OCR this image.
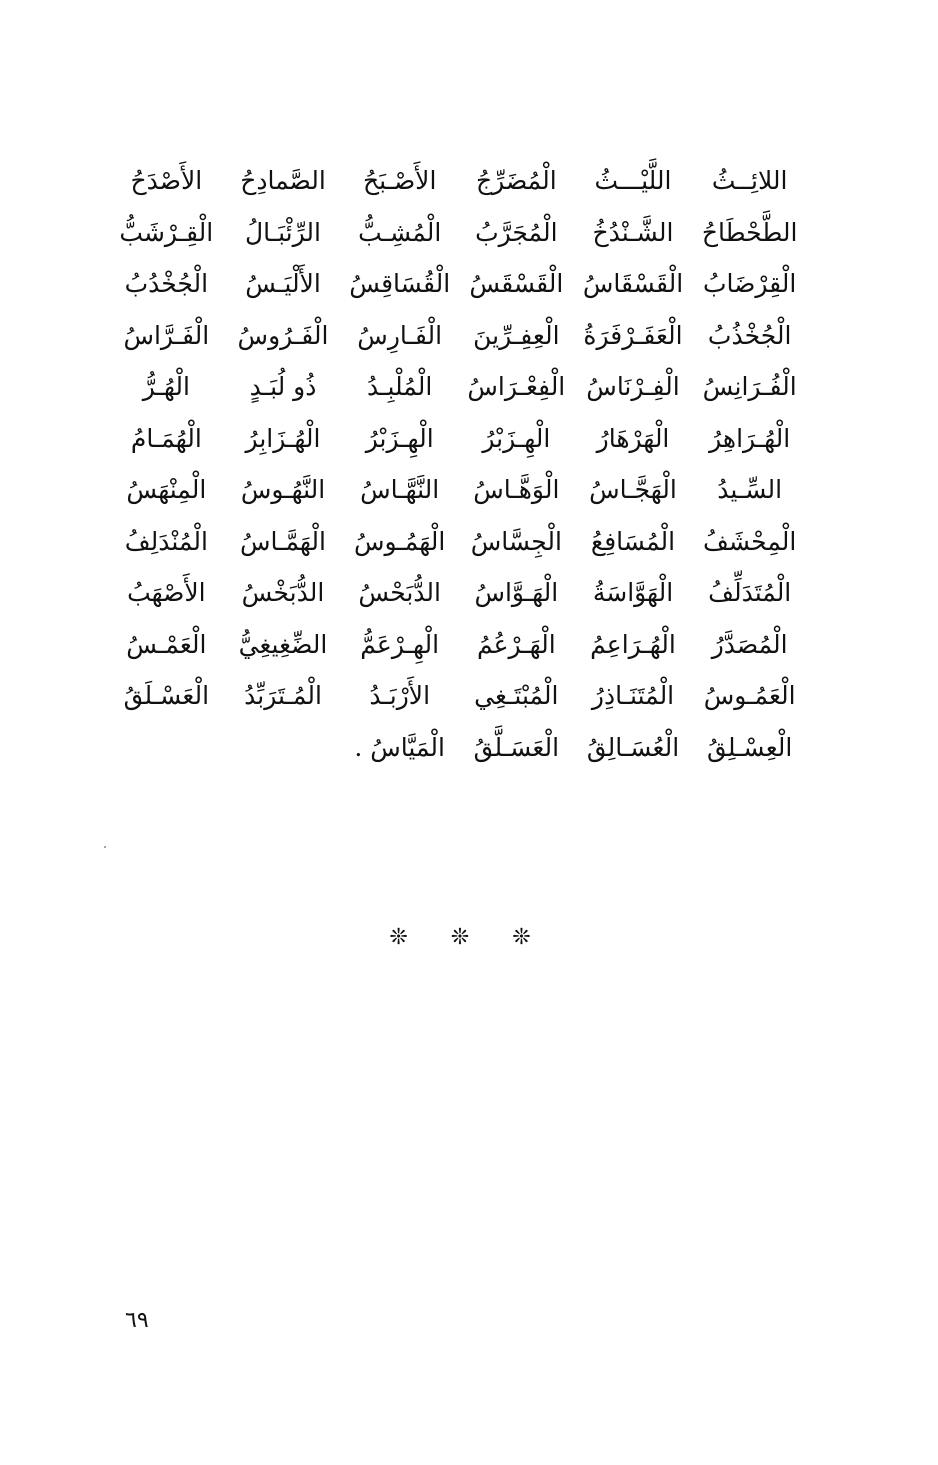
اللائِــثُ
اللَّيْـــثُ
الْمُضَرِّجُ
الأَصْـبَحُ
الصَّمادِحُ
الأَصْدَحُ
الطَّحْطَاحُ
الشَّـنْدُخُ
الْمُجَرَّبُ
الْمُشِـبُّ
الرِّئْبَـالُ
الْقِـرْشَبُّ
الْقِرْضَابُ
الْقَسْقَاسُ
الْقَسْقَسُ
الْقُسَاقِسُ
الأَلْيَـسُ
الْجُخْدُبُ
الْجُخْذُبُ
الْعَفَـرْفَرَةُ
الْعِفِـرِّينَ
الْفَـارِسُ
الْفَـرُوسُ
الْفَـرَّاسُ
الْفُـرَانِسُ
الْفِـرْنَاسُ
الْفِعْـرَاسُ
الْمُلْبِـدُ
ذُو لُبَـدٍ
الْهُـرُّ
الْهُـرَاهِرُ
الْهَرْهَارُ
الْهِـزَبْرُ
الْهِـزَبْرُ
الْهُـزَابِرُ
الْهُمَـامُ
السِّـيدُ
الْهَجَّـاسُ
الْوَهَّـاسُ
النَّهَّـاسُ
النَّهُـوسُ
الْمِنْهَسُ
الْمِحْشَفُ
الْمُسَافِعُ
الْجِسَّاسُ
الْهَمُـوسُ
الْهَمَّـاسُ
الْمُنْدَلِفُ
الْمُتَدَلِّفُ
الْهَوَّاسَةُ
الْهَـوَّاسُ
الدُّبَحْسُ
الدُّبَخْسُ
الأَصْهَبُ
الْمُصَدَّرُ
الْهُـرَاعِمُ
الْهَـرْعُمُ
الْهِـرْعَمُّ
الضِّغِيغِيُّ
الْعَمْـسُ
الْعَمُـوسُ
الْمُتَنَـاذِرُ
الْمُبْتَـغِي
الأَرْبَـدُ
الْمُـتَرَبِّدُ
الْعَسْـلَقُ
الْعِسْـلِقُ
الْعُسَـالِقُ
الْعَسَـلَّقُ
الْمَيَّاسُ .
❊ ❊ ❊
٦٩
